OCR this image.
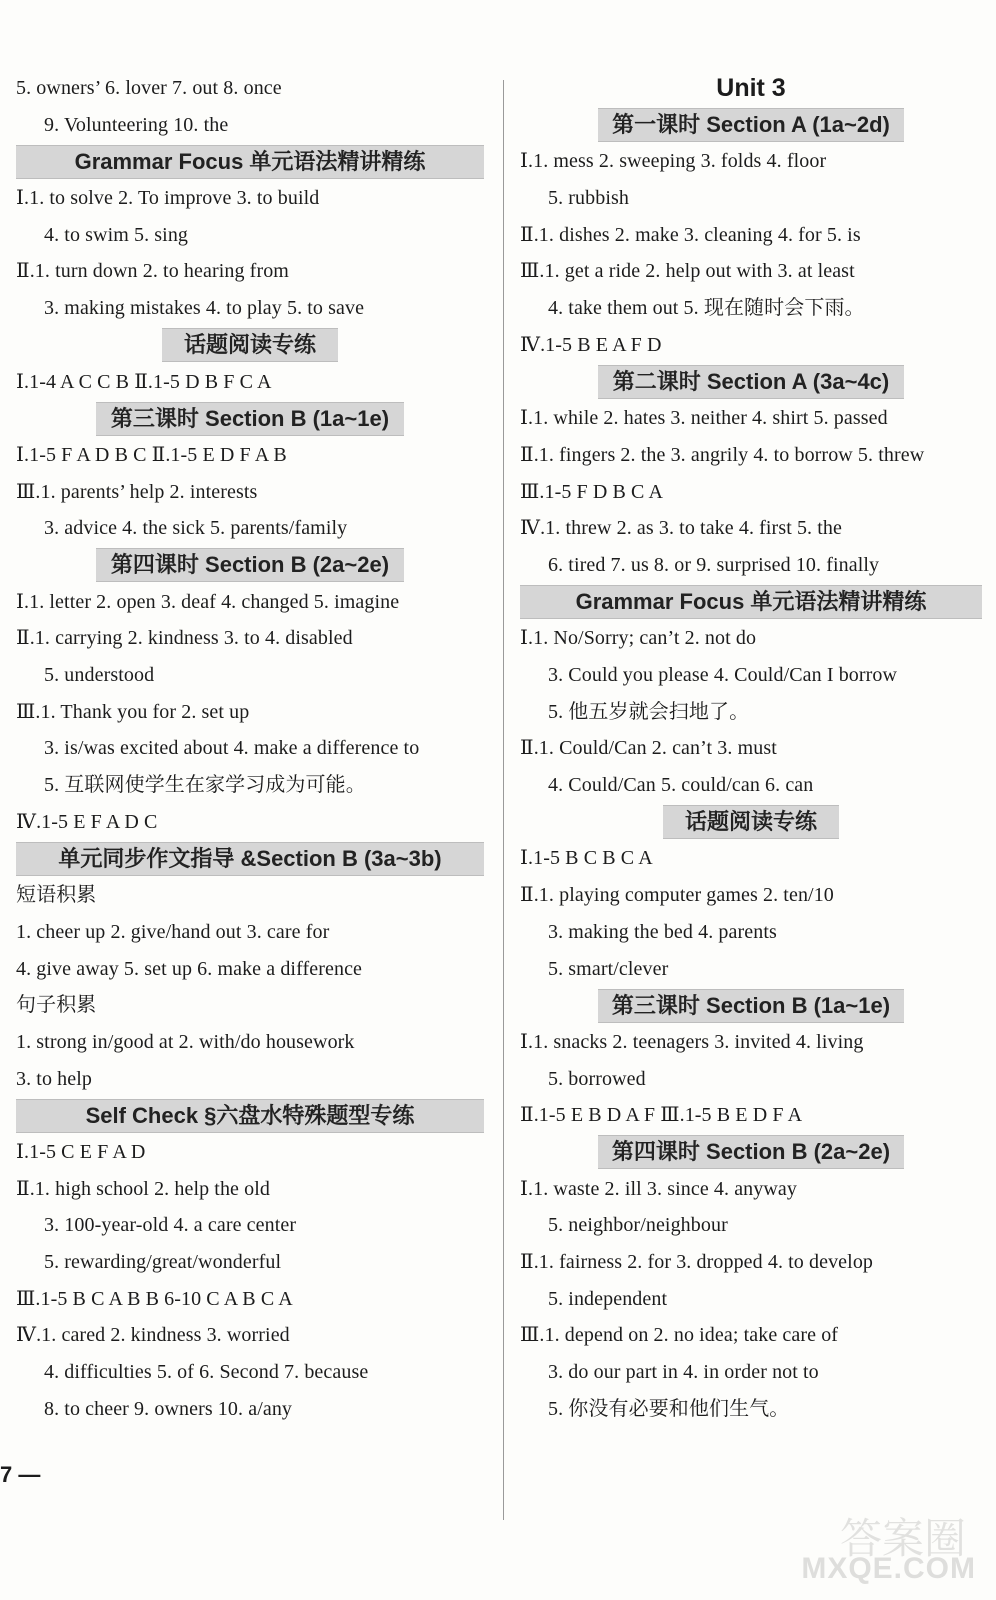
5. owners’ 6. lover 7. out 8. once
9. Volunteering 10. the
Grammar Focus 单元语法精讲精练
Ⅰ.1. to solve 2. To improve 3. to build
4. to swim 5. sing
Ⅱ.1. turn down 2. to hearing from
3. making mistakes 4. to play 5. to save
话题阅读专练
Ⅰ.1-4 A C C B Ⅱ.1-5 D B F C A
第三课时 Section B (1a~1e)
Ⅰ.1-5 F A D B C Ⅱ.1-5 E D F A B
Ⅲ.1. parents’ help 2. interests
3. advice 4. the sick 5. parents/family
第四课时 Section B (2a~2e)
Ⅰ.1. letter 2. open 3. deaf 4. changed 5. imagine
Ⅱ.1. carrying 2. kindness 3. to 4. disabled
5. understood
Ⅲ.1. Thank you for 2. set up
3. is/was excited about 4. make a difference to
5. 互联网使学生在家学习成为可能。
Ⅳ.1-5 E F A D C
单元同步作文指导 &Section B (3a~3b)
短语积累
1. cheer up 2. give/hand out 3. care for
4. give away 5. set up 6. make a difference
句子积累
1. strong in/good at 2. with/do housework
3. to help
Self Check §六盘水特殊题型专练
Ⅰ.1-5 C E F A D
Ⅱ.1. high school 2. help the old
3. 100-year-old 4. a care center
5. rewarding/great/wonderful
Ⅲ.1-5 B C A B B 6-10 C A B C A
Ⅳ.1. cared 2. kindness 3. worried
4. difficulties 5. of 6. Second 7. because
8. to cheer 9. owners 10. a/any
Unit 3
第一课时 Section A (1a~2d)
Ⅰ.1. mess 2. sweeping 3. folds 4. floor
5. rubbish
Ⅱ.1. dishes 2. make 3. cleaning 4. for 5. is
Ⅲ.1. get a ride 2. help out with 3. at least
4. take them out 5. 现在随时会下雨。
Ⅳ.1-5 B E A F D
第二课时 Section A (3a~4c)
Ⅰ.1. while 2. hates 3. neither 4. shirt 5. passed
Ⅱ.1. fingers 2. the 3. angrily 4. to borrow 5. threw
Ⅲ.1-5 F D B C A
Ⅳ.1. threw 2. as 3. to take 4. first 5. the
6. tired 7. us 8. or 9. surprised 10. finally
Grammar Focus 单元语法精讲精练
Ⅰ.1. No/Sorry; can’t 2. not do
3. Could you please 4. Could/Can I borrow
5. 他五岁就会扫地了。
Ⅱ.1. Could/Can 2. can’t 3. must
4. Could/Can 5. could/can 6. can
话题阅读专练
Ⅰ.1-5 B C B C A
Ⅱ.1. playing computer games 2. ten/10
3. making the bed 4. parents
5. smart/clever
第三课时 Section B (1a~1e)
Ⅰ.1. snacks 2. teenagers 3. invited 4. living
5. borrowed
Ⅱ.1-5 E B D A F Ⅲ.1-5 B E D F A
第四课时 Section B (2a~2e)
Ⅰ.1. waste 2. ill 3. since 4. anyway
5. neighbor/neighbour
Ⅱ.1. fairness 2. for 3. dropped 4. to develop
5. independent
Ⅲ.1. depend on 2. no idea; take care of
3. do our part in 4. in order not to
5. 你没有必要和他们生气。
7 —
答案圈
MXQE.COM
